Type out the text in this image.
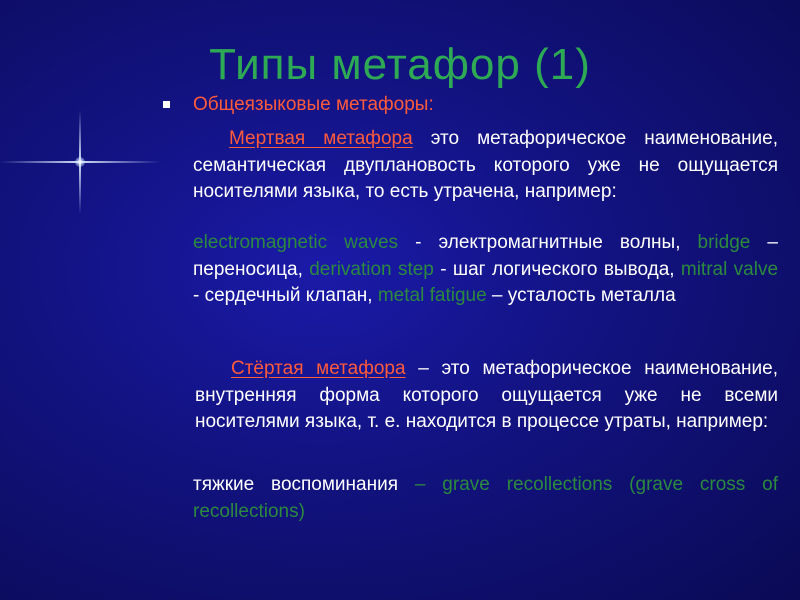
Типы метафор (1)
Общеязыковые метафоры:
Мертвая метафора это метафорическое наименование, семантическая двуплановость которого уже не ощущается носителями языка, то есть утрачена, например:
electromagnetic waves - электромагнитные волны, bridge – переносица, derivation step - шаг логического вывода, mitral valve - сердечный клапан, metal fatigue – усталость металла
Стёртая метафора – это метафорическое наименование, внутренняя форма которого ощущается уже не всеми носителями языка, т. е. находится в процессе утраты, например:
тяжкие воспоминания – grave recollections (grave cross of recollections)
